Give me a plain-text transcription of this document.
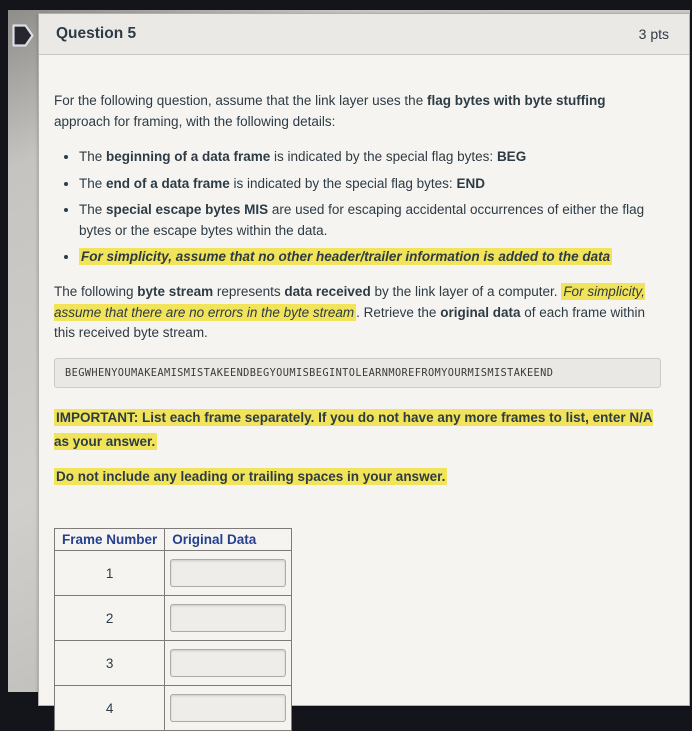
Question 5	3 pts

For the following question, assume that the link layer uses the flag bytes with byte stuffing approach for framing, with the following details:

• The beginning of a data frame is indicated by the special flag bytes: BEG
• The end of a data frame is indicated by the special flag bytes: END
• The special escape bytes MIS are used for escaping accidental occurrences of either the flag bytes or the escape bytes within the data.
• For simplicity, assume that no other header/trailer information is added to the data

The following byte stream represents data received by the link layer of a computer. For simplicity, assume that there are no errors in the byte stream . Retrieve the original data of each frame within this received byte stream.

BEGWHENYOUMAKEAMISMISTAKEENDBEGYOUMISBEGINTOLEARNMOREFROMYOURMISMISTAKEEND

IMPORTANT: List each frame separately. If you do not have any more frames to list, enter N/A as your answer.

Do not include any leading or trailing spaces in your answer.

Frame Number	Original Data
1	
2	
3	
4	
